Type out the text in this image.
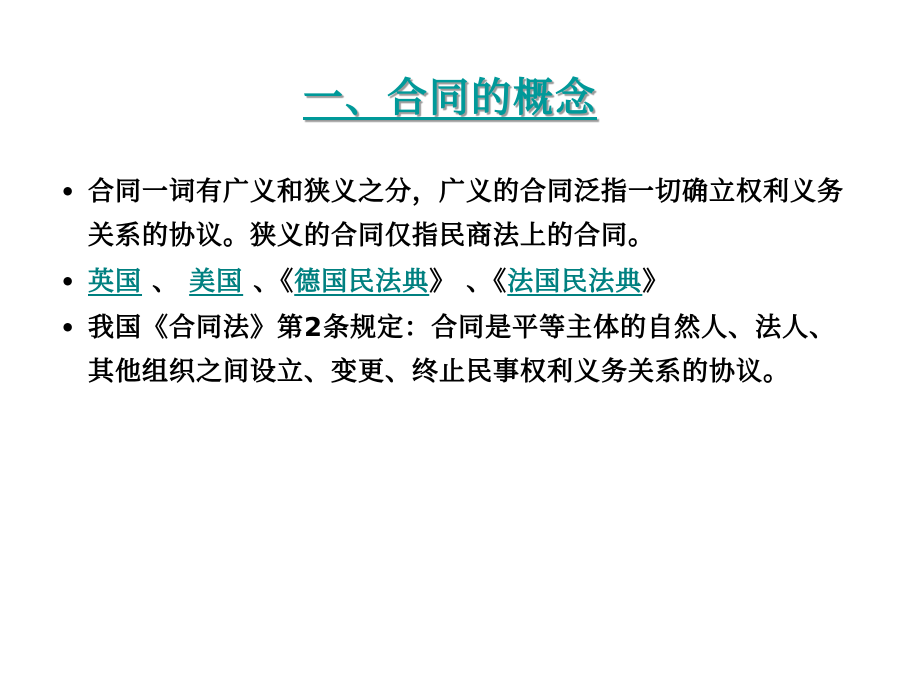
一、合同的概念
• 合同一词有广义和狭义之分，广义的合同泛指一切确立权利义务关系的协议。狭义的合同仅指民商法上的合同。
• 英国 、 美国 、《德国民法典》 、《法国民法典》
• 我国《合同法》第2条规定：合同是平等主体的自然人、法人、其他组织之间设立、变更、终止民事权利义务关系的协议。
